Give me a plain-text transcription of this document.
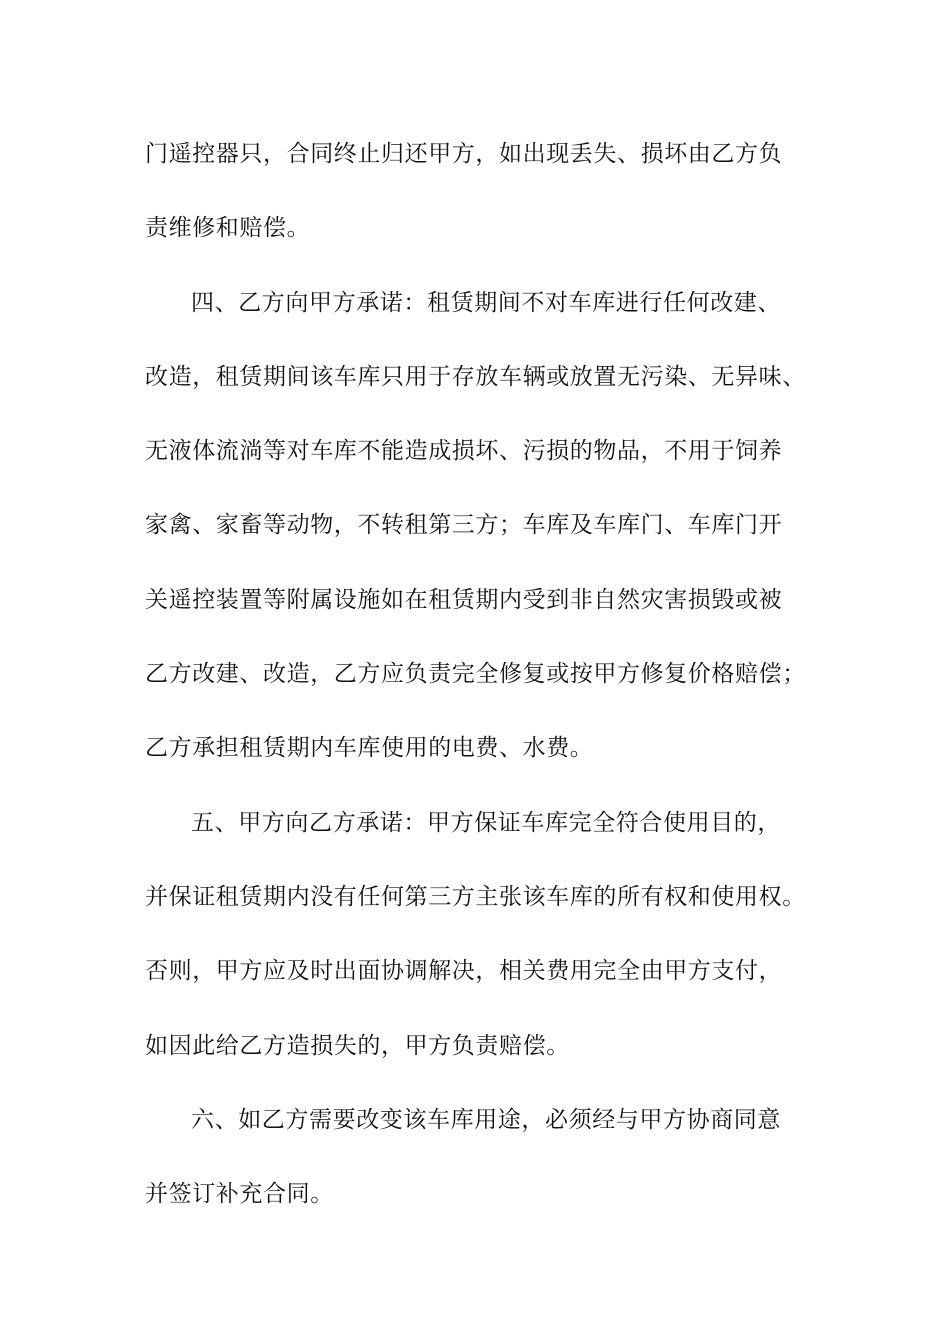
门遥控器只，合同终止归还甲方，如出现丢失、损坏由乙方负
责维修和赔偿。
四、乙方向甲方承诺：租赁期间不对车库进行任何改建、
改造，租赁期间该车库只用于存放车辆或放置无污染、无异味、
无液体流淌等对车库不能造成损坏、污损的物品，不用于饲养
家禽、家畜等动物，不转租第三方；车库及车库门、车库门开
关遥控装置等附属设施如在租赁期内受到非自然灾害损毁或被
乙方改建、改造，乙方应负责完全修复或按甲方修复价格赔偿；
乙方承担租赁期内车库使用的电费、水费。
五、甲方向乙方承诺：甲方保证车库完全符合使用目的，
并保证租赁期内没有任何第三方主张该车库的所有权和使用权。
否则，甲方应及时出面协调解决，相关费用完全由甲方支付，
如因此给乙方造损失的，甲方负责赔偿。
六、如乙方需要改变该车库用途，必须经与甲方协商同意
并签订补充合同。
